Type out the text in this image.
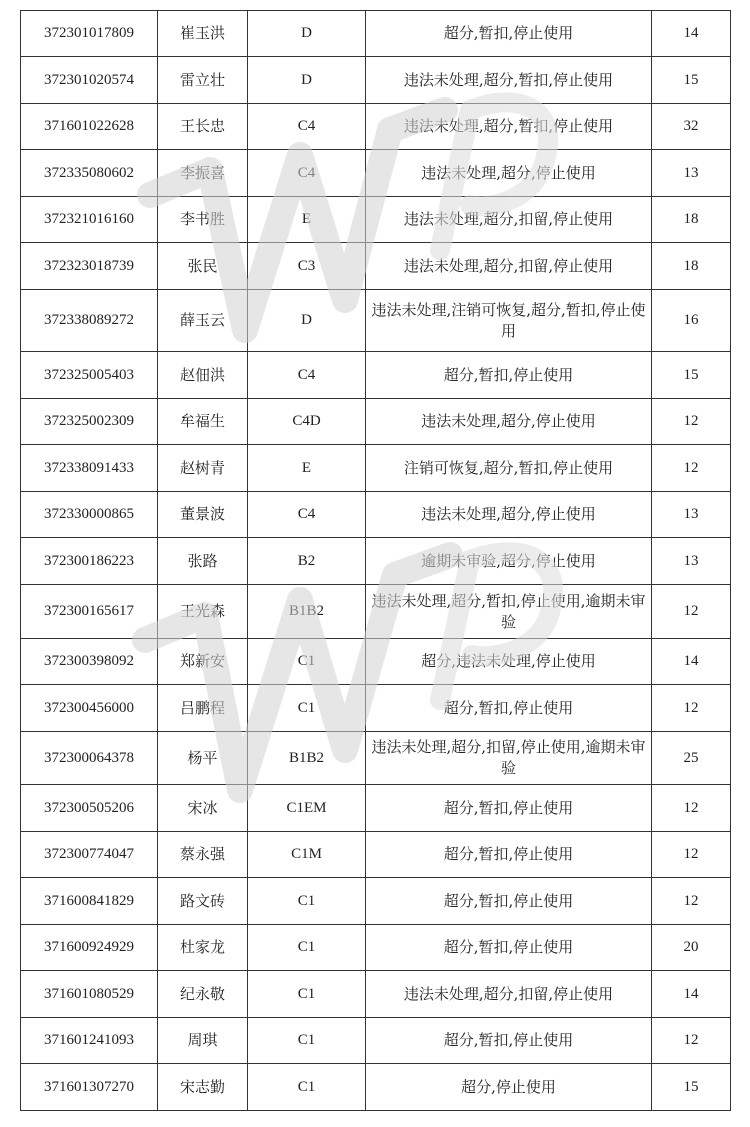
372301017809	崔玉洪	D	超分,暂扣,停止使用	14
372301020574	雷立壮	D	违法未处理,超分,暂扣,停止使用	15
371601022628	王长忠	C4	违法未处理,超分,暂扣,停止使用	32
372335080602	李振喜	C4	违法未处理,超分,停止使用	13
372321016160	李书胜	E	违法未处理,超分,扣留,停止使用	18
372323018739	张民	C3	违法未处理,超分,扣留,停止使用	18
372338089272	薛玉云	D	违法未处理,注销可恢复,超分,暂扣,停止使用	16
372325005403	赵佃洪	C4	超分,暂扣,停止使用	15
372325002309	牟福生	C4D	违法未处理,超分,停止使用	12
372338091433	赵树青	E	注销可恢复,超分,暂扣,停止使用	12
372330000865	董景波	C4	违法未处理,超分,停止使用	13
372300186223	张路	B2	逾期未审验,超分,停止使用	13
372300165617	王光森	B1B2	违法未处理,超分,暂扣,停止使用,逾期未审验	12
372300398092	郑新安	C1	超分,违法未处理,停止使用	14
372300456000	吕鹏程	C1	超分,暂扣,停止使用	12
372300064378	杨平	B1B2	违法未处理,超分,扣留,停止使用,逾期未审验	25
372300505206	宋冰	C1EM	超分,暂扣,停止使用	12
372300774047	蔡永强	C1M	超分,暂扣,停止使用	12
371600841829	路文砖	C1	超分,暂扣,停止使用	12
371600924929	杜家龙	C1	超分,暂扣,停止使用	20
371601080529	纪永敬	C1	违法未处理,超分,扣留,停止使用	14
371601241093	周琪	C1	超分,暂扣,停止使用	12
371601307270	宋志勤	C1	超分,停止使用	15
